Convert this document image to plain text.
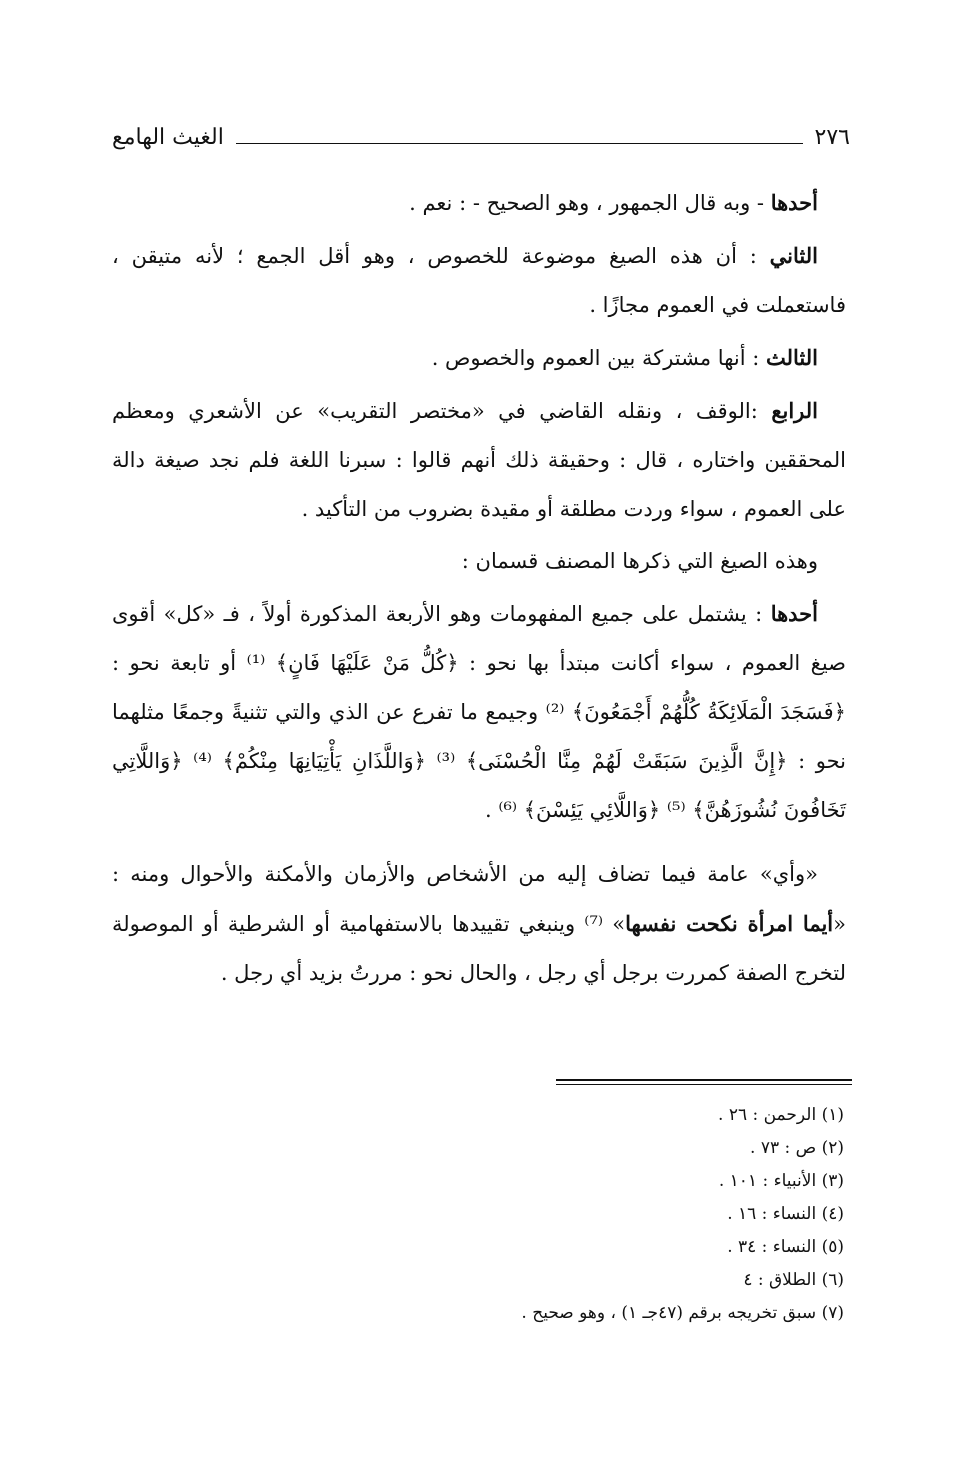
٢٧٦
الغيث الهامع

أحدها - وبه قال الجمهور ، وهو الصحيح - : نعم .

الثاني : أن هذه الصيغ موضوعة للخصوص ، وهو أقل الجمع ؛ لأنه متيقن ، فاستعملت في العموم مجازًا .

الثالث : أنها مشتركة بين العموم والخصوص .

الرابع :الوقف ، ونقله القاضي في «مختصر التقريب» عن الأشعري ومعظم المحققين واختاره ، قال : وحقيقة ذلك أنهم قالوا : سبرنا اللغة فلم نجد صيغة دالة على العموم ، سواء وردت مطلقة أو مقيدة بضروب من التأكيد .

وهذه الصيغ التي ذكرها المصنف قسمان :

أحدها : يشتمل على جميع المفهومات وهو الأربعة المذكورة أولاً ، فـ «كل» أقوى صيغ العموم ، سواء أكانت مبتدأ بها نحو : ﴿كُلُّ مَنْ عَلَيْهَا فَانٍ﴾ ⁽¹⁾ أو تابعة نحو : ﴿فَسَجَدَ الْمَلَائِكَةُ كُلُّهُمْ أَجْمَعُونَ﴾ ⁽²⁾ وجيمع ما تفرع عن الذي والتي تثنيةً وجمعًا مثلهما نحو : ﴿إِنَّ الَّذِينَ سَبَقَتْ لَهُمْ مِنَّا الْحُسْنَى﴾ ⁽³⁾ ﴿وَاللَّذَانِ يَأْتِيَانِهَا مِنْكُمْ﴾ ⁽⁴⁾ ﴿وَاللَّاتِي تَخَافُونَ نُشُوزَهُنَّ﴾ ⁽⁵⁾ ﴿وَاللَّائِي يَئِسْنَ﴾ ⁽⁶⁾ .

«وأي» عامة فيما تضاف إليه من الأشخاص والأزمان والأمكنة والأحوال ومنه : «أيما امرأة نكحت نفسها» ⁽⁷⁾ وينبغي تقييدها بالاستفهامية أو الشرطية أو الموصولة لتخرج الصفة كمررت برجل أي رجل ، والحال نحو : مررتُ بزيد أي رجل .

(١) الرحمن : ٢٦ .
(٢) ص : ٧٣ .
(٣) الأنبياء : ١٠١ .
(٤) النساء : ١٦ .
(٥) النساء : ٣٤ .
(٦) الطلاق : ٤
(٧) سبق تخريجه برقم (٤٧جـ ١) ، وهو صحيح .
